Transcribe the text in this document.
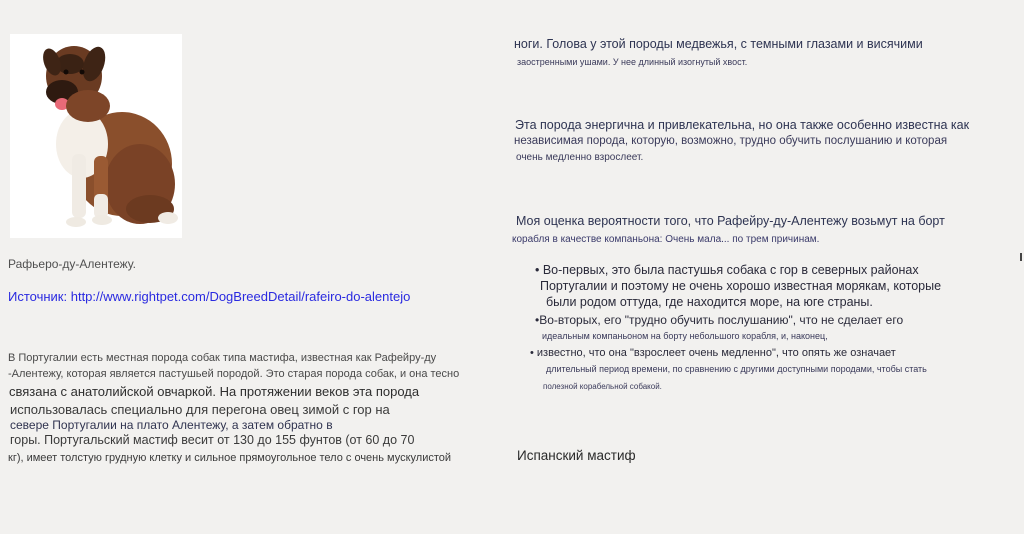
Рафьеро-ду-Алентежу.
Источник: http://www.rightpet.com/DogBreedDetail/rafeiro-do-alentejo
В Португалии есть местная порода собак типа мастифа, известная как Рафейру-ду
-Алентежу, которая является пастушьей породой. Это старая порода собак, и она тесно
связана с анатолийской овчаркой. На протяжении веков эта порода
использовалась специально для перегона овец зимой с гор на
севере Португалии на плато Алентежу, а затем обратно в
горы. Португальский мастиф весит от 130 до 155 фунтов (от 60 до 70
кг), имеет толстую грудную клетку и сильное прямоугольное тело с очень мускулистой
ноги. Голова у этой породы медвежья, с темными глазами и висячими
заостренными ушами. У нее длинный изогнутый хвост.
Эта порода энергична и привлекательна, но она также особенно известна как
независимая порода, которую, возможно, трудно обучить послушанию и которая
очень медленно взрослеет.
Моя оценка вероятности того, что Рафейру-ду-Алентежу возьмут на борт
корабля в качестве компаньона: Очень мала... по трем причинам.
• Во-первых, это была пастушья собака с гор в северных районах
Португалии и поэтому не очень хорошо известная морякам, которые
были родом оттуда, где находится море, на юге страны.
•Во-вторых, его "трудно обучить послушанию", что не сделает его
идеальным компаньоном на борту небольшого корабля, и, наконец,
• известно, что она "взрослеет очень медленно", что опять же означает
длительный период времени, по сравнению с другими доступными породами, чтобы стать
полезной корабельной собакой.
Испанский мастиф
